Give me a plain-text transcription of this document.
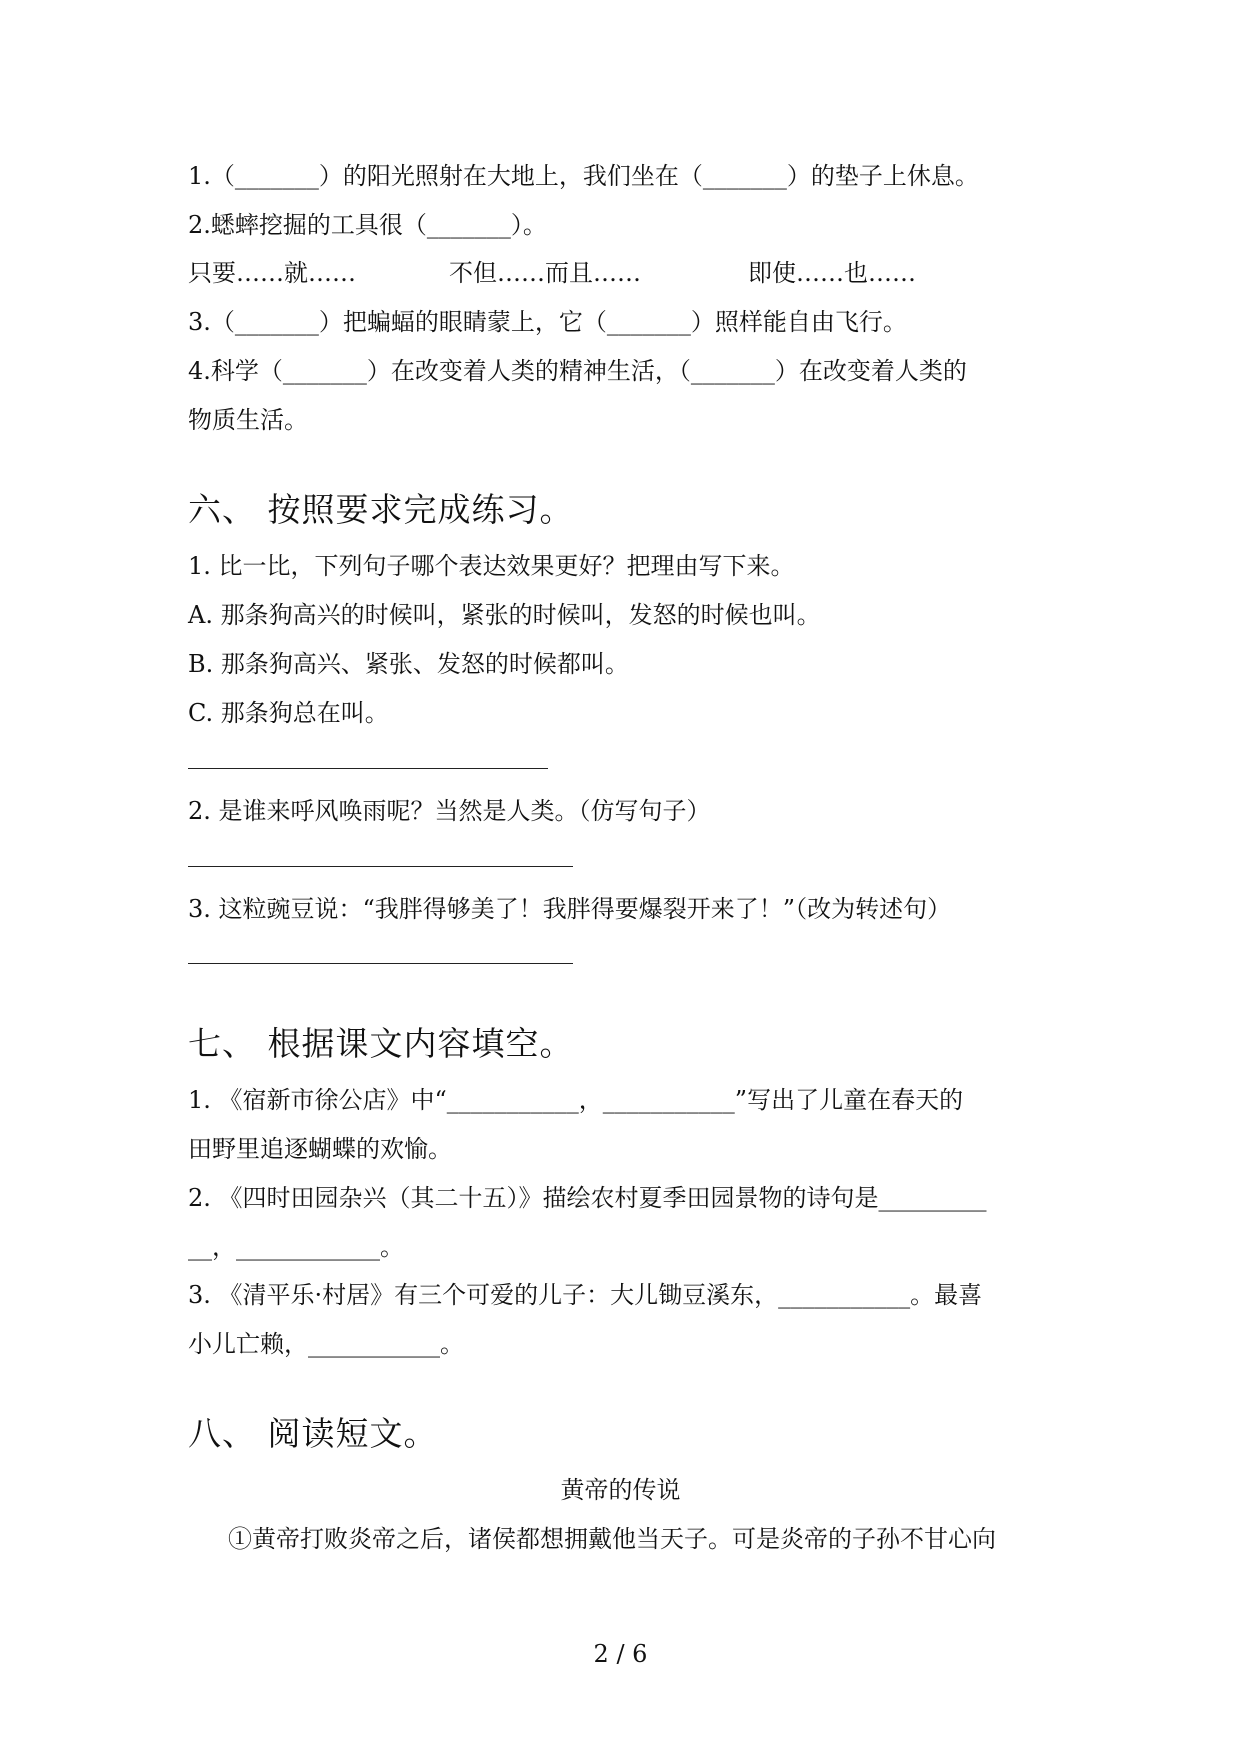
1.（_______）的阳光照射在大地上，我们坐在（_______）的垫子上休息。
2.蟋蟀挖掘的工具很（_______）。
只要……就……	不但……而且……	即使……也……
3.（_______）把蝙蝠的眼睛蒙上，它（_______）照样能自由飞行。
4.科学（_______）在改变着人类的精神生活，（_______）在改变着人类的
物质生活。
六、 按照要求完成练习。
1. 比一比，下列句子哪个表达效果更好？把理由写下来。
A. 那条狗高兴的时候叫，紧张的时候叫，发怒的时候也叫。
B. 那条狗高兴、紧张、发怒的时候都叫。
C. 那条狗总在叫。
2. 是谁来呼风唤雨呢？当然是人类。（仿写句子）
3. 这粒豌豆说：“我胖得够美了！我胖得要爆裂开来了！”（改为转述句）
七、 根据课文内容填空。
1. 《宿新市徐公店》中“___________，___________”写出了儿童在春天的
田野里追逐蝴蝶的欢愉。
2. 《四时田园杂兴（其二十五）》描绘农村夏季田园景物的诗句是_________
__，____________。
3. 《清平乐·村居》有三个可爱的儿子：大儿锄豆溪东，___________。最喜
小儿亡赖，___________。
八、 阅读短文。
黄帝的传说
①黄帝打败炎帝之后，诸侯都想拥戴他当天子。可是炎帝的子孙不甘心向
2 / 6
